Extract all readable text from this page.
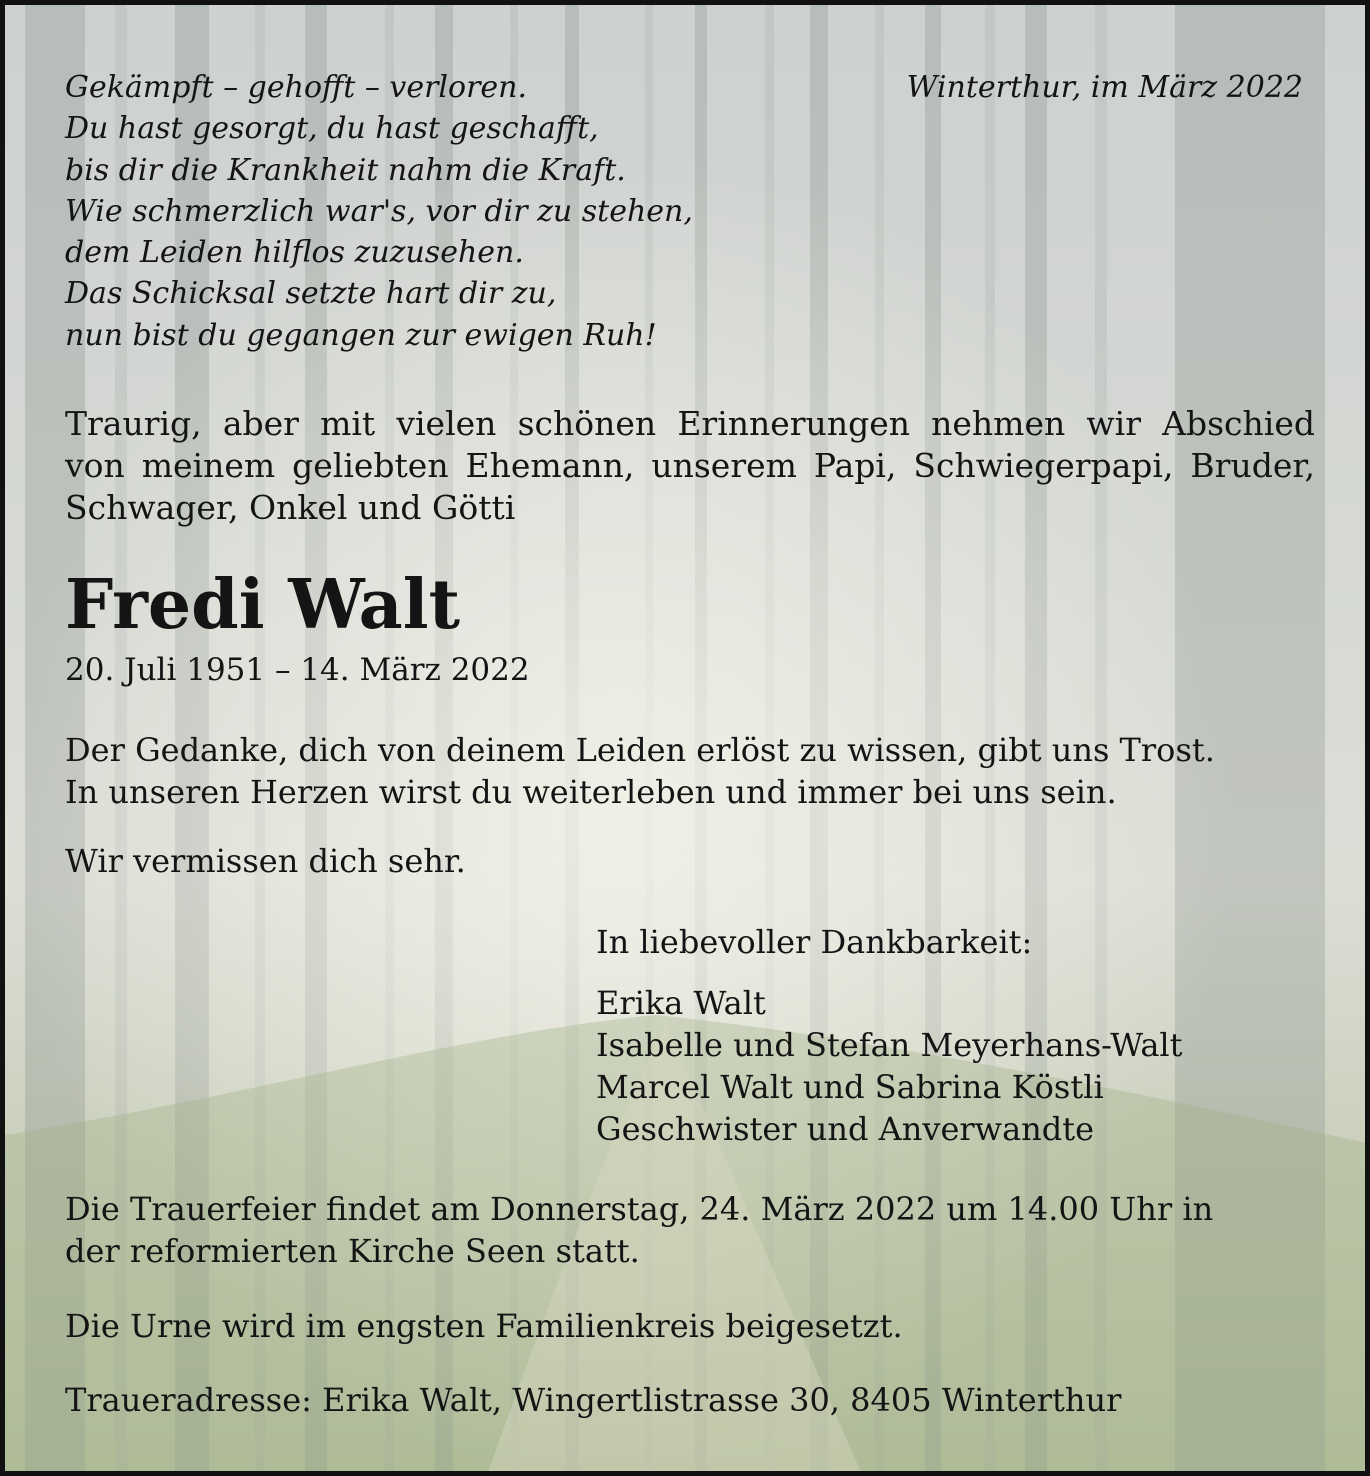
Gekämpft – gehofft – verloren.
Du hast gesorgt, du hast geschafft,
bis dir die Krankheit nahm die Kraft.
Wie schmerzlich war's, vor dir zu stehen,
dem Leiden hilflos zuzusehen.
Das Schicksal setzte hart dir zu,
nun bist du gegangen zur ewigen Ruh!
Winterthur, im März 2022
Traurig, aber mit vielen schönen Erinnerungen nehmen wir Abschied
von meinem geliebten Ehemann, unserem Papi, Schwiegerpapi, Bruder,
Schwager, Onkel und Götti
Fredi Walt
20. Juli 1951 – 14. März 2022
Der Gedanke, dich von deinem Leiden erlöst zu wissen, gibt uns Trost.
In unseren Herzen wirst du weiterleben und immer bei uns sein.
Wir vermissen dich sehr.
In liebevoller Dankbarkeit:
Erika Walt
Isabelle und Stefan Meyerhans-Walt
Marcel Walt und Sabrina Köstli
Geschwister und Anverwandte
Die Trauerfeier findet am Donnerstag, 24. März 2022 um 14.00 Uhr in
der reformierten Kirche Seen statt.
Die Urne wird im engsten Familienkreis beigesetzt.
Traueradresse: Erika Walt, Wingertlistrasse 30, 8405 Winterthur
